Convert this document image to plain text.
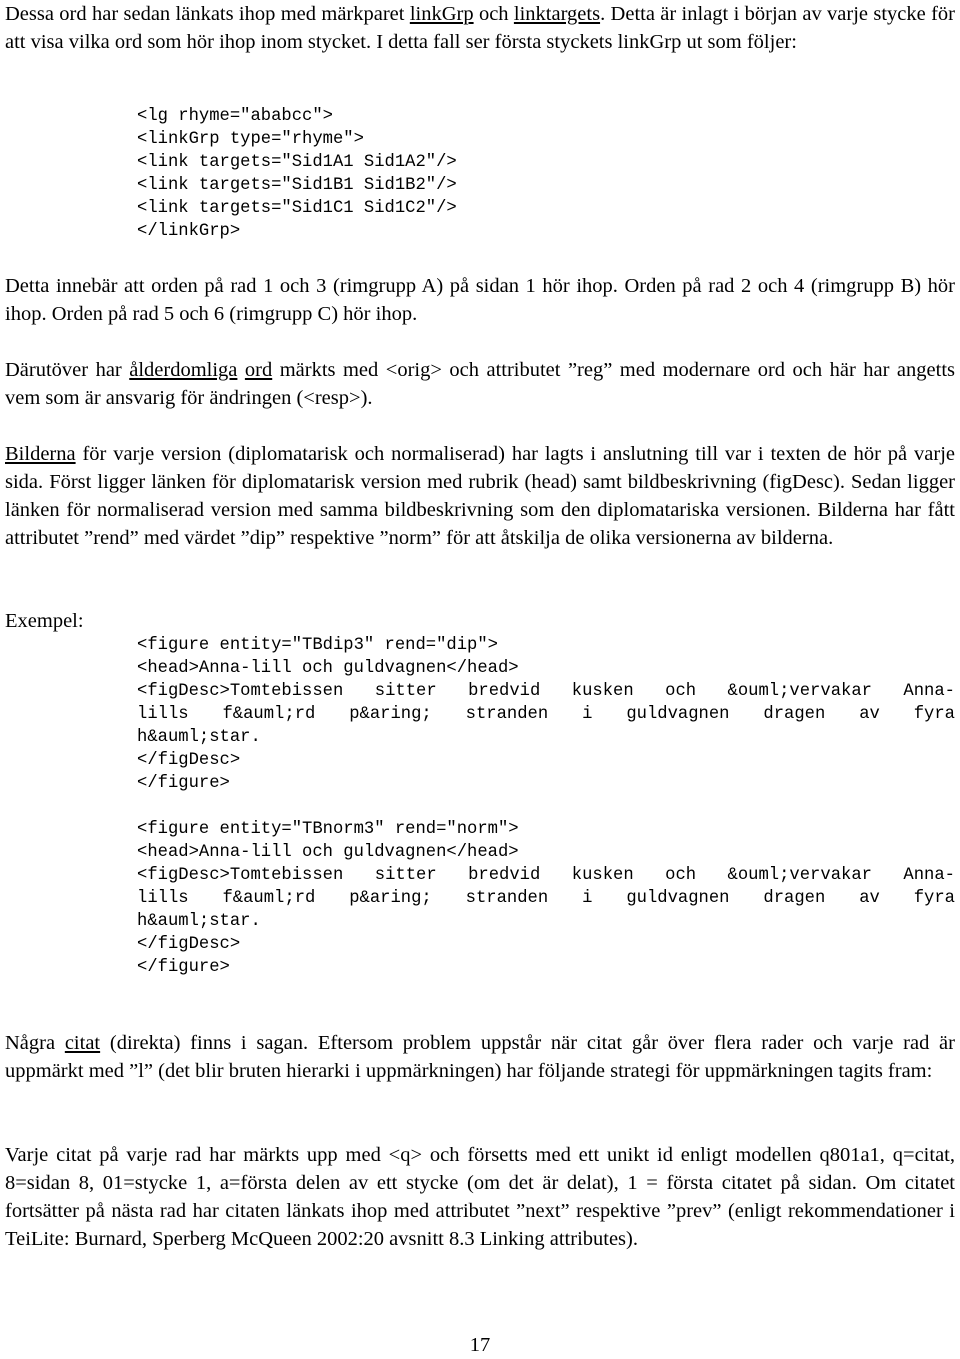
Dessa ord har sedan länkats ihop med märkparet linkGrp och linktargets. Detta är inlagt i början av varje stycke för att visa vilka ord som hör ihop inom stycket. I detta fall ser första styckets linkGrp ut som följer:

<lg rhyme="ababcc">
<linkGrp type="rhyme">
<link targets="Sid1A1 Sid1A2"/>
<link targets="Sid1B1 Sid1B2"/>
<link targets="Sid1C1 Sid1C2"/>
</linkGrp>

Detta innebär att orden på rad 1 och 3 (rimgrupp A) på sidan 1 hör ihop. Orden på rad 2 och 4 (rimgrupp B) hör ihop. Orden på rad 5 och 6 (rimgrupp C) hör ihop.

Därutöver har ålderdomliga ord märkts med <orig> och attributet ”reg” med modernare ord och här har angetts vem som är ansvarig för ändringen (<resp>).

Bilderna för varje version (diplomatarisk och normaliserad) har lagts i anslutning till var i texten de hör på varje sida. Först ligger länken för diplomatarisk version med rubrik (head) samt bildbeskrivning (figDesc). Sedan ligger länken för normaliserad version med samma bildbeskrivning som den diplomatariska versionen. Bilderna har fått attributet ”rend” med värdet ”dip” respektive ”norm” för att åtskilja de olika versionerna av bilderna.

Exempel:

<figure entity="TBdip3" rend="dip">
<head>Anna-lill och guldvagnen</head>
<figDesc>Tomtebissen sitter bredvid kusken och &ouml;vervakar Anna-
lills f&auml;rd p&aring; stranden i guldvagnen dragen av fyra
h&auml;star.
</figDesc>
</figure>
<figure entity="TBnorm3" rend="norm">
<head>Anna-lill och guldvagnen</head>
<figDesc>Tomtebissen sitter bredvid kusken och &ouml;vervakar Anna-
lills f&auml;rd p&aring; stranden i guldvagnen dragen av fyra
h&auml;star.
</figDesc>
</figure>

Några citat (direkta) finns i sagan. Eftersom problem uppstår när citat går över flera rader och varje rad är uppmärkt med ”l” (det blir bruten hierarki i uppmärkningen) har följande strategi för uppmärkningen tagits fram:

Varje citat på varje rad har märkts upp med <q> och försetts med ett unikt id enligt modellen q801a1, q=citat, 8=sidan 8, 01=stycke 1, a=första delen av ett stycke (om det är delat), 1 = första citatet på sidan. Om citatet fortsätter på nästa rad har citaten länkats ihop med attributet ”next” respektive ”prev” (enligt rekommendationer i TeiLite: Burnard, Sperberg McQueen 2002:20 avsnitt 8.3 Linking attributes).

17
